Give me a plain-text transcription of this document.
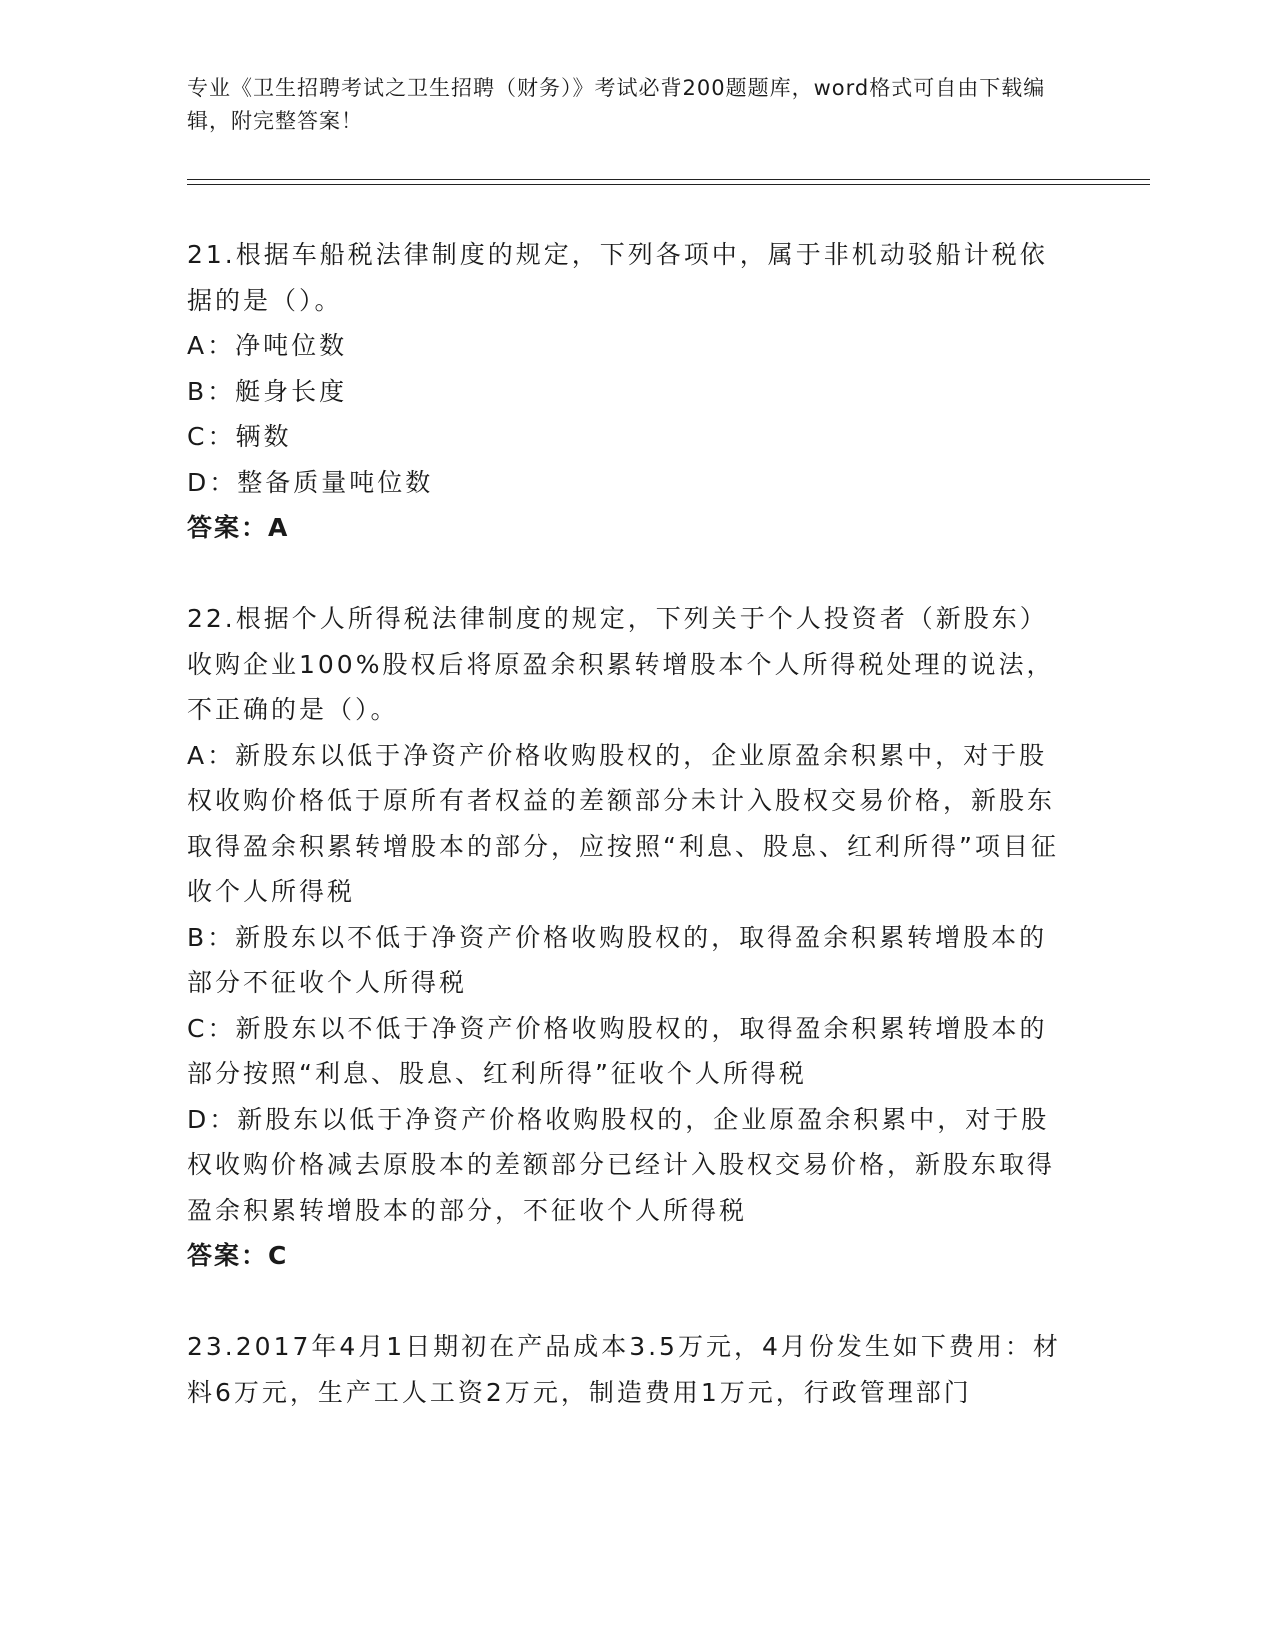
专业《卫生招聘考试之卫生招聘（财务）》考试必背200题题库，word格式可自由下载编辑，附完整答案！

21.根据车船税法律制度的规定，下列各项中，属于非机动驳船计税依据的是（）。

A：净吨位数

B：艇身长度

C：辆数

D：整备质量吨位数

答案：A

22.根据个人所得税法律制度的规定，下列关于个人投资者（新股东）收购企业100%股权后将原盈余积累转增股本个人所得税处理的说法，不正确的是（）。

A：新股东以低于净资产价格收购股权的，企业原盈余积累中，对于股权收购价格低于原所有者权益的差额部分未计入股权交易价格，新股东取得盈余积累转增股本的部分，应按照“利息、股息、红利所得”项目征收个人所得税

B：新股东以不低于净资产价格收购股权的，取得盈余积累转增股本的部分不征收个人所得税

C：新股东以不低于净资产价格收购股权的，取得盈余积累转增股本的部分按照“利息、股息、红利所得”征收个人所得税

D：新股东以低于净资产价格收购股权的，企业原盈余积累中，对于股权收购价格减去原股本的差额部分已经计入股权交易价格，新股东取得盈余积累转增股本的部分，不征收个人所得税

答案：C

23.2017年4月1日期初在产品成本3.5万元，4月份发生如下费用：材料6万元，生产工人工资2万元，制造费用1万元，行政管理部门
